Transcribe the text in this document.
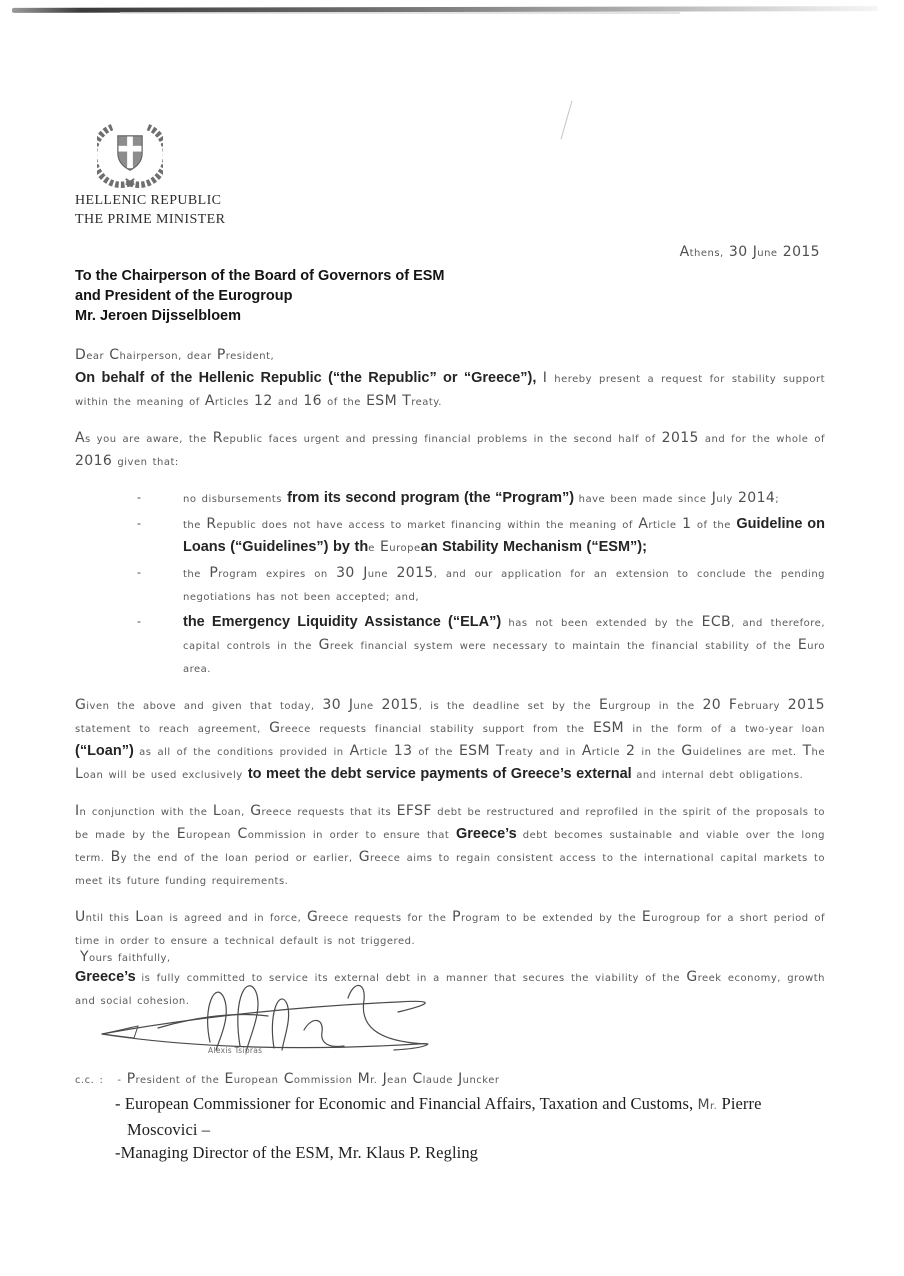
HELLENIC REPUBLIC
THE PRIME MINISTER
Athens, 30 June 2015
To the Chairperson of the Board of Governors of ESM
and President of the Eurogroup
Mr. Jeroen Dijsselbloem
Dear Chairperson, dear President,
On behalf of the Hellenic Republic (“the Republic” or “Greece”), I hereby present a request for stability support within the meaning of Articles 12 and 16 of the ESM Treaty.
As you are aware, the Republic faces urgent and pressing financial problems in the second half of 2015 and for the whole of 2016 given that:
-	no disbursements from its second program (the “Program”) have been made since July 2014;
-	the Republic does not have access to market financing within the meaning of Article 1 of the Guideline on Loans (“Guidelines”) by the European Stability Mechanism (“ESM”);
-	the Program expires on 30 June 2015, and our application for an extension to conclude the pending negotiations has not been accepted; and,
-	the Emergency Liquidity Assistance (“ELA”) has not been extended by the ECB, and therefore, capital controls in the Greek financial system were necessary to maintain the financial stability of the Euro area.
Given the above and given that today, 30 June 2015, is the deadline set by the Eurgroup in the 20 February 2015 statement to reach agreement, Greece requests financial stability support from the ESM in the form of a two-year loan (“Loan”) as all of the conditions provided in Article 13 of the ESM Treaty and in Article 2 in the Guidelines are met. The Loan will be used exclusively to meet the debt service payments of Greece’s external and internal debt obligations.
In conjunction with the Loan, Greece requests that its EFSF debt be restructured and reprofiled in the spirit of the proposals to be made by the European Commission in order to ensure that Greece’s debt becomes sustainable and viable over the long term. By the end of the loan period or earlier, Greece aims to regain consistent access to the international capital markets to meet its future funding requirements.
Until this Loan is agreed and in force, Greece requests for the Program to be extended by the Eurogroup for a short period of time in order to ensure a technical default is not triggered.
Greece’s is fully committed to service its external debt in a manner that secures the viability of the Greek economy, growth and social cohesion.
Yours faithfully,
Alexis Tsipras
c.c. : - President of the European Commission Mr. Jean Claude Juncker
- European Commissioner for Economic and Financial Affairs, Taxation and Customs, Mr. Pierre
Moscovici –
-Managing Director of the ESM, Mr. Klaus P. Regling
